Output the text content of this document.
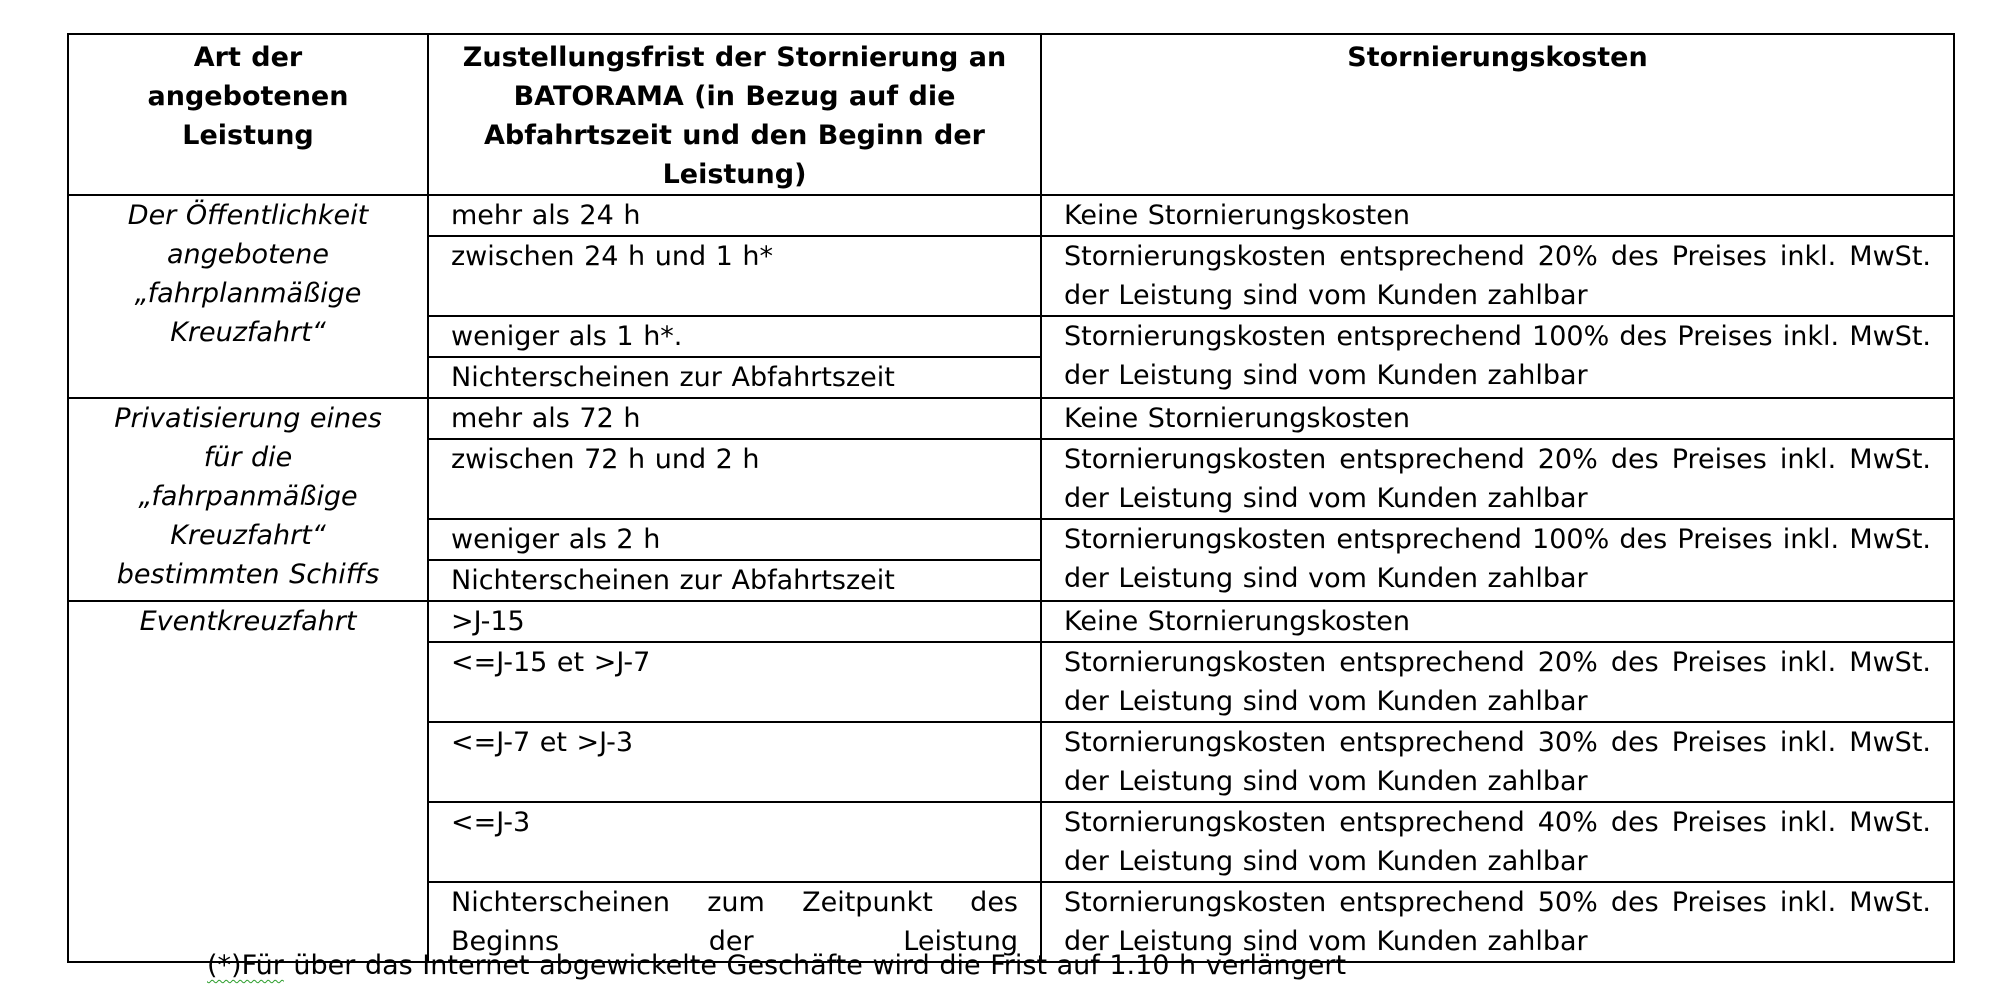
Art der angebotenen Leistung	Zustellungsfrist der Stornierung an BATORAMA (in Bezug auf die Abfahrtszeit und den Beginn der Leistung)	Stornierungskosten
Der Öffentlichkeit angebotene „fahrplanmäßige Kreuzfahrt“	mehr als 24 h	Keine Stornierungskosten
	zwischen 24 h und 1 h*	Stornierungskosten entsprechend 20% des Preises inkl. MwSt. der Leistung sind vom Kunden zahlbar
	weniger als 1 h*.	Stornierungskosten entsprechend 100% des Preises inkl. MwSt. der Leistung sind vom Kunden zahlbar
	Nichterscheinen zur Abfahrtszeit	
Privatisierung eines für die „fahrpanmäßige Kreuzfahrt“ bestimmten Schiffs	mehr als 72 h	Keine Stornierungskosten
	zwischen 72 h und 2 h	Stornierungskosten entsprechend 20% des Preises inkl. MwSt. der Leistung sind vom Kunden zahlbar
	weniger als 2 h	Stornierungskosten entsprechend 100% des Preises inkl. MwSt. der Leistung sind vom Kunden zahlbar
	Nichterscheinen zur Abfahrtszeit	
Eventkreuzfahrt	>J-15	Keine Stornierungskosten
	<=J-15 et >J-7	Stornierungskosten entsprechend 20% des Preises inkl. MwSt. der Leistung sind vom Kunden zahlbar
	<=J-7 et >J-3	Stornierungskosten entsprechend 30% des Preises inkl. MwSt. der Leistung sind vom Kunden zahlbar
	<=J-3	Stornierungskosten entsprechend 40% des Preises inkl. MwSt. der Leistung sind vom Kunden zahlbar
	Nichterscheinen zum Zeitpunkt des Beginns der Leistung	Stornierungskosten entsprechend 50% des Preises inkl. MwSt. der Leistung sind vom Kunden zahlbar
(*)Für über das Internet abgewickelte Geschäfte wird die Frist auf 1.10 h verlängert
